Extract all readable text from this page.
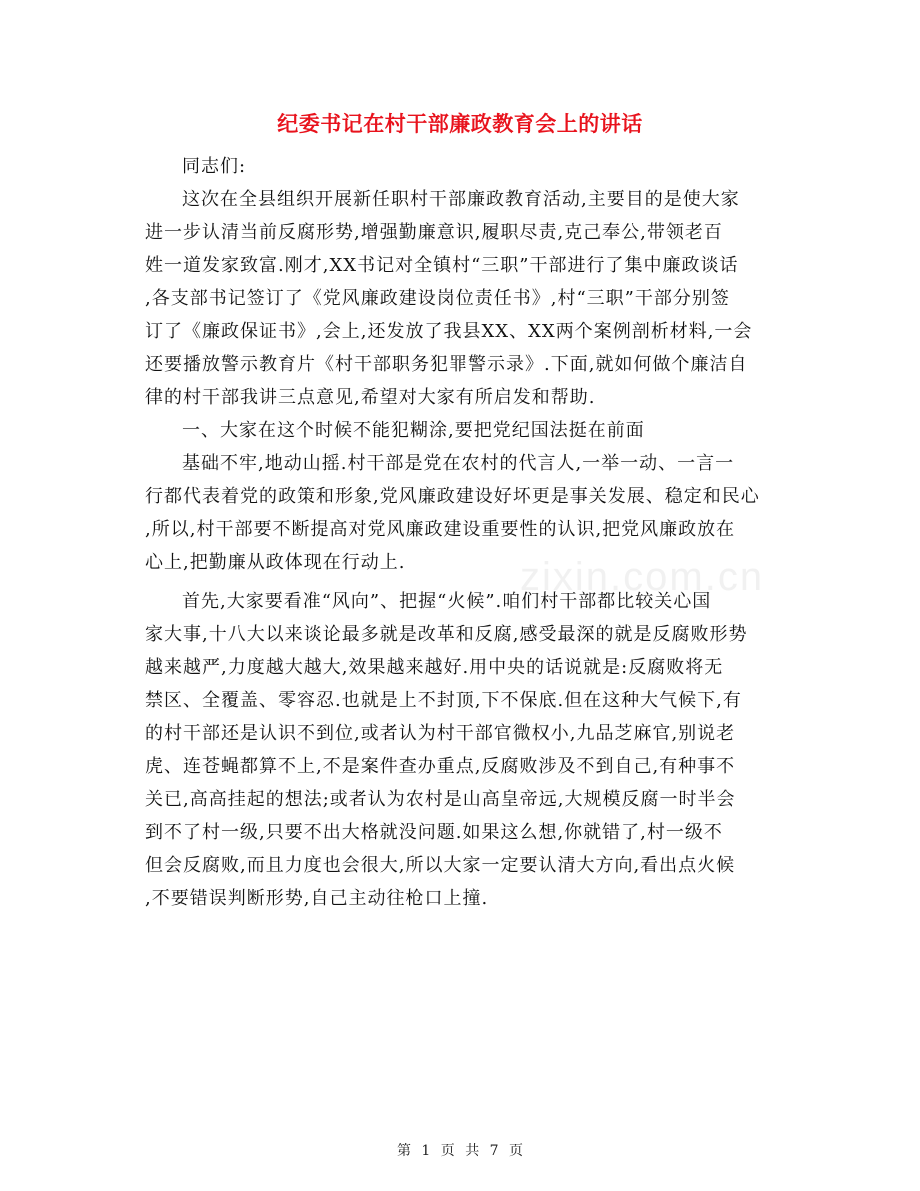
纪委书记在村干部廉政教育会上的讲话
同志们:
这次在全县组织开展新任职村干部廉政教育活动,主要目的是使大家
进一步认清当前反腐形势,增强勤廉意识,履职尽责,克己奉公,带领老百
姓一道发家致富.刚才,XX书记对全镇村“三职”干部进行了集中廉政谈话
,各支部书记签订了《党风廉政建设岗位责任书》,村“三职”干部分别签
订了《廉政保证书》,会上,还发放了我县XX、XX两个案例剖析材料,一会
还要播放警示教育片《村干部职务犯罪警示录》.下面,就如何做个廉洁自
律的村干部我讲三点意见,希望对大家有所启发和帮助.
一、大家在这个时候不能犯糊涂,要把党纪国法挺在前面
基础不牢,地动山摇.村干部是党在农村的代言人,一举一动、一言一
行都代表着党的政策和形象,党风廉政建设好坏更是事关发展、稳定和民心
,所以,村干部要不断提高对党风廉政建设重要性的认识,把党风廉政放在
心上,把勤廉从政体现在行动上.
首先,大家要看准“风向”、把握“火候”.咱们村干部都比较关心国
家大事,十八大以来谈论最多就是改革和反腐,感受最深的就是反腐败形势
越来越严,力度越大越大,效果越来越好.用中央的话说就是:反腐败将无
禁区、全覆盖、零容忍.也就是上不封顶,下不保底.但在这种大气候下,有
的村干部还是认识不到位,或者认为村干部官微权小,九品芝麻官,别说老
虎、连苍蝇都算不上,不是案件查办重点,反腐败涉及不到自己,有种事不
关已,高高挂起的想法;或者认为农村是山高皇帝远,大规模反腐一时半会
到不了村一级,只要不出大格就没问题.如果这么想,你就错了,村一级不
但会反腐败,而且力度也会很大,所以大家一定要认清大方向,看出点火候
,不要错误判断形势,自己主动往枪口上撞.
zixin.com.cn
第 1 页 共 7 页
